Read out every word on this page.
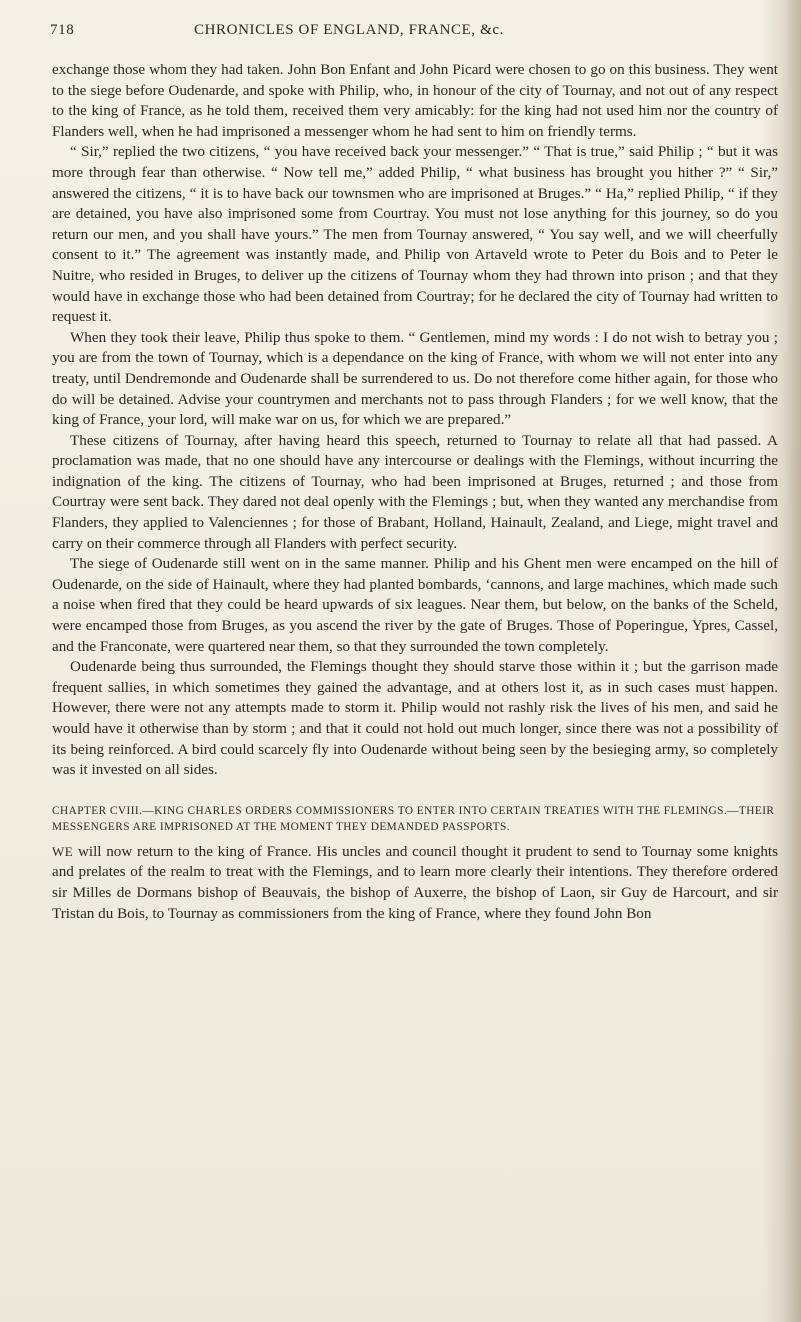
718	CHRONICLES OF ENGLAND, FRANCE, &c.

exchange those whom they had taken. John Bon Enfant and John Picard were chosen to go on this business. They went to the siege before Oudenarde, and spoke with Philip, who, in honour of the city of Tournay, and not out of any respect to the king of France, as he told them, received them very amicably: for the king had not used him nor the country of Flanders well, when he had imprisoned a messenger whom he had sent to him on friendly terms.

“ Sir,” replied the two citizens, “ you have received back your messenger.” “ That is true,” said Philip ; “ but it was more through fear than otherwise. “ Now tell me,” added Philip, “ what business has brought you hither ?” “ Sir,” answered the citizens, “ it is to have back our townsmen who are imprisoned at Bruges.” “ Ha,” replied Philip, “ if they are detained, you have also imprisoned some from Courtray. You must not lose anything for this journey, so do you return our men, and you shall have yours.” The men from Tournay answered, “ You say well, and we will cheerfully consent to it.” The agreement was instantly made, and Philip von Artaveld wrote to Peter du Bois and to Peter le Nuitre, who resided in Bruges, to deliver up the citizens of Tournay whom they had thrown into prison ; and that they would have in exchange those who had been detained from Courtray; for he declared the city of Tournay had written to request it.

When they took their leave, Philip thus spoke to them. “ Gentlemen, mind my words : I do not wish to betray you ; you are from the town of Tournay, which is a dependance on the king of France, with whom we will not enter into any treaty, until Dendremonde and Oudenarde shall be surrendered to us. Do not therefore come hither again, for those who do will be detained. Advise your countrymen and merchants not to pass through Flanders ; for we well know, that the king of France, your lord, will make war on us, for which we are prepared.”

These citizens of Tournay, after having heard this speech, returned to Tournay to relate all that had passed. A proclamation was made, that no one should have any intercourse or dealings with the Flemings, without incurring the indignation of the king. The citizens of Tournay, who had been imprisoned at Bruges, returned ; and those from Courtray were sent back. They dared not deal openly with the Flemings ; but, when they wanted any merchandise from Flanders, they applied to Valenciennes ; for those of Brabant, Holland, Hainault, Zealand, and Liege, might travel and carry on their commerce through all Flanders with perfect security.

The siege of Oudenarde still went on in the same manner. Philip and his Ghent men were encamped on the hill of Oudenarde, on the side of Hainault, where they had planted bombards, ‘cannons, and large machines, which made such a noise when fired that they could be heard upwards of six leagues. Near them, but below, on the banks of the Scheld, were encamped those from Bruges, as you ascend the river by the gate of Bruges. Those of Poperingue, Ypres, Cassel, and the Franconate, were quartered near them, so that they surrounded the town completely.

Oudenarde being thus surrounded, the Flemings thought they should starve those within it ; but the garrison made frequent sallies, in which sometimes they gained the advantage, and at others lost it, as in such cases must happen. However, there were not any attempts made to storm it. Philip would not rashly risk the lives of his men, and said he would have it otherwise than by storm ; and that it could not hold out much longer, since there was not a possibility of its being reinforced. A bird could scarcely fly into Oudenarde without being seen by the besieging army, so completely was it invested on all sides.

CHAPTER CVIII.—KING CHARLES ORDERS COMMISSIONERS TO ENTER INTO CERTAIN TREATIES WITH THE FLEMINGS.—THEIR MESSENGERS ARE IMPRISONED AT THE MOMENT THEY DEMANDED PASSPORTS.

WE will now return to the king of France. His uncles and council thought it prudent to send to Tournay some knights and prelates of the realm to treat with the Flemings, and to learn more clearly their intentions. They therefore ordered sir Milles de Dormans bishop of Beauvais, the bishop of Auxerre, the bishop of Laon, sir Guy de Harcourt, and sir Tristan du Bois, to Tournay as commissioners from the king of France, where they found John Bon
